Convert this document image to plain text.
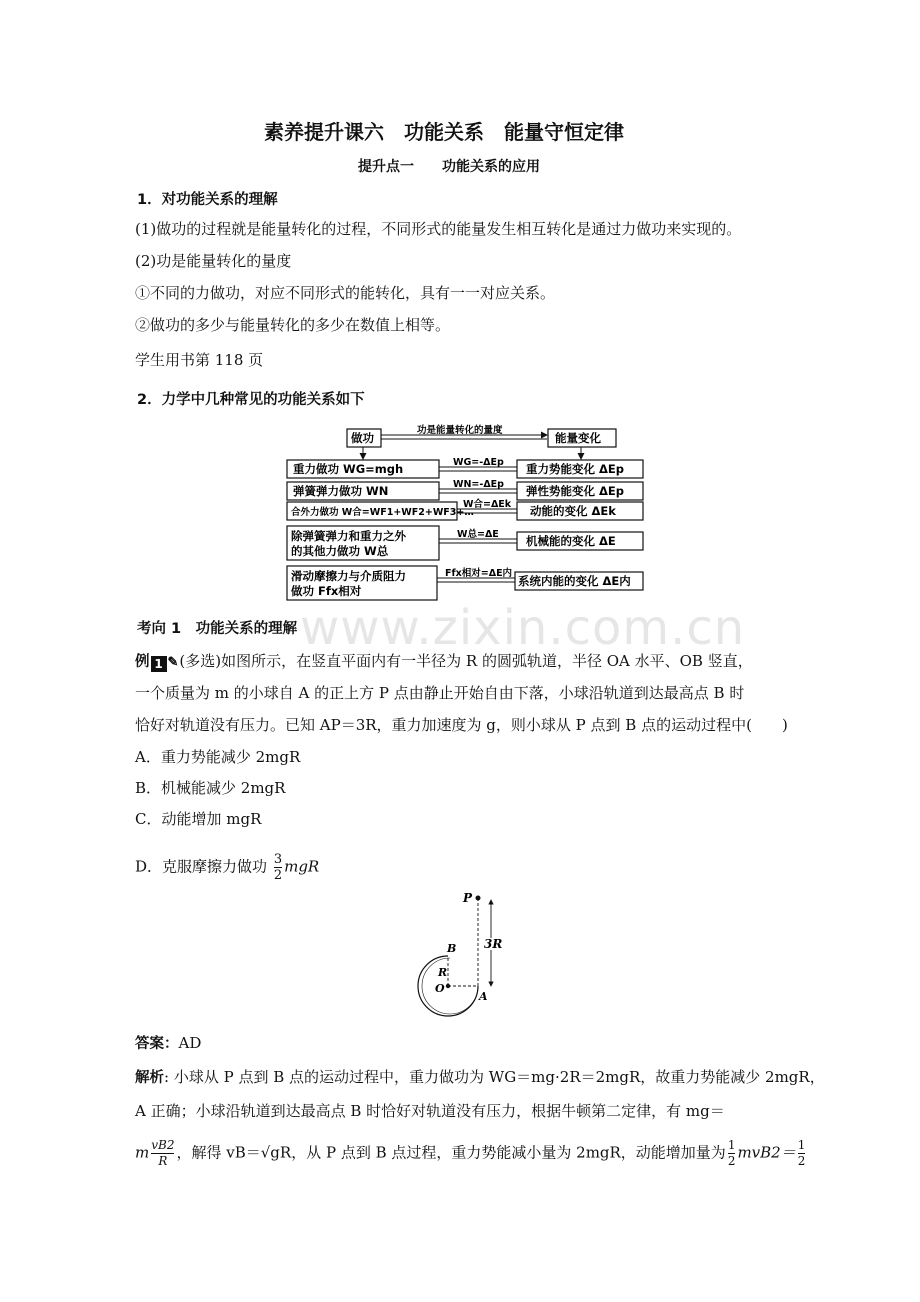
素养提升课六　功能关系　能量守恒定律
提升点一　　功能关系的应用
1．对功能关系的理解
(1)做功的过程就是能量转化的过程，不同形式的能量发生相互转化是通过力做功来实现的。
(2)功是能量转化的量度
①不同的力做功，对应不同形式的能转化，具有一一对应关系。
②做功的多少与能量转化的多少在数值上相等。
学生用书第 118 页
2．力学中几种常见的功能关系如下
做功
功是能量转化的量度
能量变化
重力做功 WG=mgh	WG=-ΔEp 重力势能变化 ΔEp
弹簧弹力做功 WN	WN=-ΔEp 弹性势能变化 ΔEp
合外力做功 W合=WF1+WF2+WF3+…
W合=ΔEk 动能的变化 ΔEk
除弹簧弹力和重力之外
的其他力做功 W总
W总=ΔE 机械能的变化 ΔE
滑动摩擦力与介质阻力
做功 Ffx相对
Ffx相对=ΔE内
系统内能的变化 ΔE内
www.zixin.com.cn
考向 1　功能关系的理解
例 1 ✎(多选)如图所示，在竖直平面内有一半径为 R 的圆弧轨道，半径 OA 水平、OB 竖直，
一个质量为 m 的小球自 A 的正上方 P 点由静止开始自由下落，小球沿轨道到达最高点 B 时
恰好对轨道没有压力。已知 AP＝3R，重力加速度为 g，则小球从 P 点到 B 点的运动过程中(　　)
A．重力势能减少 2mgR
B．机械能减少 2mgR
C．动能增加 mgR
D．克服摩擦力做功 $\frac{3}{2}$ mgR
3R
P
O
R
B
A
答案：AD
解析: 小球从 P 点到 B 点的运动过程中，重力做功为 WG＝mg·2R＝2mgR，故重力势能减少 2mgR，
A 正确；小球沿轨道到达最高点 B 时恰好对轨道没有压力，根据牛顿第二定律，有 mg＝
m $\frac{vB2}{R}$ ，解得 vB＝√gR，从 P 点到 B 点过程，重力势能减小量为 2mgR，动能增加量为 $\frac{1}{2} mvB2= \frac{1}{2}$
